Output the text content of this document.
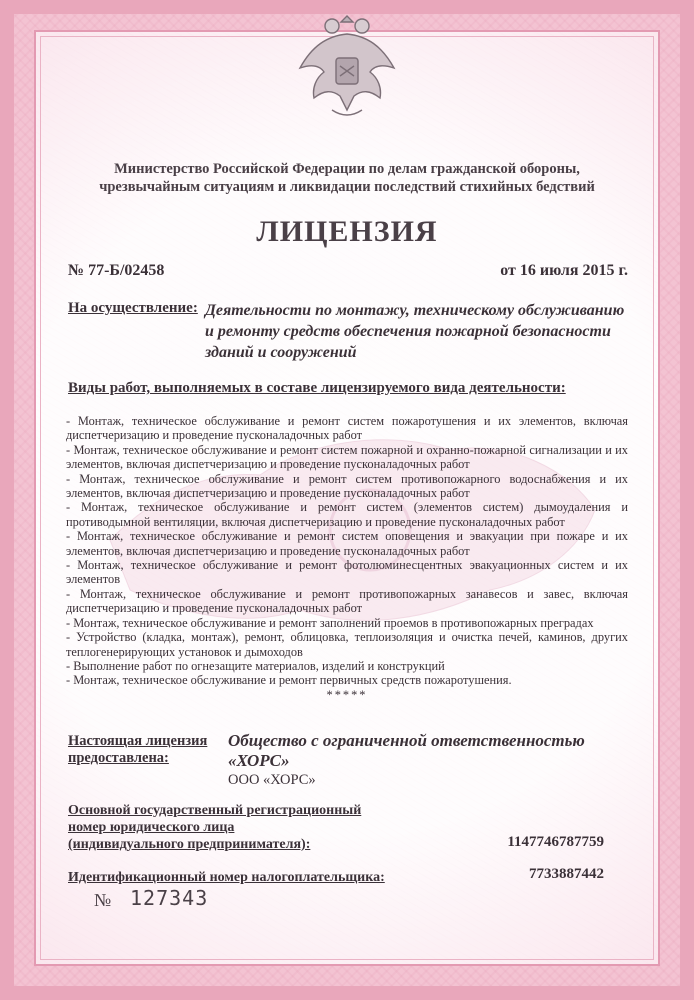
Министерство Российской Федерации по делам гражданской обороны,
чрезвычайным ситуациям и ликвидации последствий стихийных бедствий
ЛИЦЕНЗИЯ
№ 77-Б/02458	от 16 июля 2015 г.
На осуществление: Деятельности по монтажу, техническому обслуживанию и ремонту средств обеспечения пожарной безопасности зданий и сооружений
Виды работ, выполняемых в составе лицензируемого вида деятельности:
- Монтаж, техническое обслуживание и ремонт систем пожаротушения и их элементов, включая диспетчеризацию и проведение пусконаладочных работ
- Монтаж, техническое обслуживание и ремонт систем пожарной и охранно-пожарной сигнализации и их элементов, включая диспетчеризацию и проведение пусконаладочных работ
- Монтаж, техническое обслуживание и ремонт систем противопожарного водоснабжения и их элементов, включая диспетчеризацию и проведение пусконаладочных работ
- Монтаж, техническое обслуживание и ремонт систем (элементов систем) дымоудаления и противодымной вентиляции, включая диспетчеризацию и проведение пусконаладочных работ
- Монтаж, техническое обслуживание и ремонт систем оповещения и эвакуации при пожаре и их элементов, включая диспетчеризацию и проведение пусконаладочных работ
- Монтаж, техническое обслуживание и ремонт фотолюминесцентных эвакуационных систем и их элементов
- Монтаж, техническое обслуживание и ремонт противопожарных занавесов и завес, включая диспетчеризацию и проведение пусконаладочных работ
- Монтаж, техническое обслуживание и ремонт заполнений проемов в противопожарных преградах
- Устройство (кладка, монтаж), ремонт, облицовка, теплоизоляция и очистка печей, каминов, других теплогенерирующих установок и дымоходов
- Выполнение работ по огнезащите материалов, изделий и конструкций
- Монтаж, техническое обслуживание и ремонт первичных средств пожаротушения.
*****
Настоящая лицензия
предоставлена:
Общество с ограниченной ответственностью
«ХОРС»
ООО «ХОРС»
Основной государственный регистрационный
номер юридического лица
(индивидуального предпринимателя):	1147746787759
Идентификационный номер налогоплательщика:	7733887442
№ 127343
